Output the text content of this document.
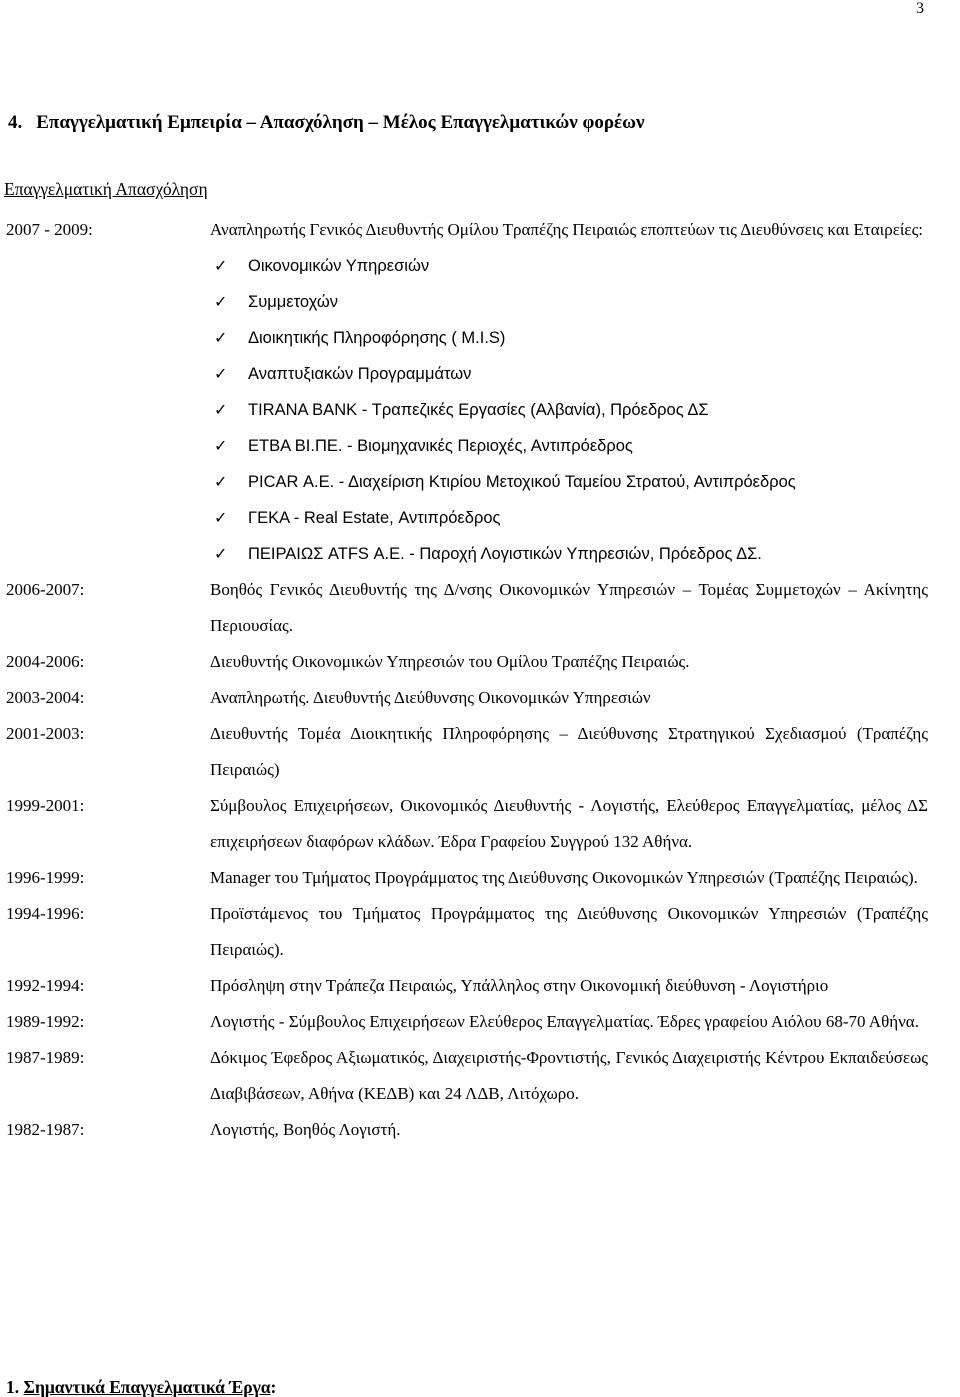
3
4. Επαγγελματική Εμπειρία – Απασχόληση – Μέλος Επαγγελματικών φορέων
Επαγγελματική Απασχόληση
2007 - 2009:	Αναπληρωτής Γενικός Διευθυντής Ομίλου Τραπέζης Πειραιώς εποπτεύων τις Διευθύνσεις και Εταιρείες:
✓	Οικονομικών Υπηρεσιών
✓	Συμμετοχών
✓	Διοικητικής Πληροφόρησης ( M.I.S)
✓	Αναπτυξιακών Προγραμμάτων
✓	TIRANA BANK - Τραπεζικές Εργασίες (Αλβανία), Πρόεδρος ΔΣ
✓	ΕΤΒΑ ΒΙ.ΠΕ. - Βιομηχανικές Περιοχές, Αντιπρόεδρος
✓	PICAR Α.Ε. - Διαχείριση Κτιρίου Μετοχικού Ταμείου Στρατού, Αντιπρόεδρος
✓	ΓΕΚΑ - Real Estate, Αντιπρόεδρος
✓	ΠΕΙΡΑΙΩΣ ATFS Α.Ε. - Παροχή Λογιστικών Υπηρεσιών, Πρόεδρος ΔΣ.
2006-2007:	Βοηθός Γενικός Διευθυντής της Δ/νσης Οικονομικών Υπηρεσιών – Τομέας Συμμετοχών – Ακίνητης Περιουσίας.
2004-2006:	Διευθυντής Οικονομικών Υπηρεσιών του Ομίλου Τραπέζης Πειραιώς.
2003-2004:	Αναπληρωτής. Διευθυντής Διεύθυνσης Οικονομικών Υπηρεσιών
2001-2003:	Διευθυντής Τομέα Διοικητικής Πληροφόρησης – Διεύθυνσης Στρατηγικού Σχεδιασμού (Τραπέζης Πειραιώς)
1999-2001:	Σύμβουλος Επιχειρήσεων, Οικονομικός Διευθυντής - Λογιστής, Ελεύθερος Επαγγελματίας, μέλος ΔΣ επιχειρήσεων διαφόρων κλάδων. Έδρα Γραφείου Συγγρού 132 Αθήνα.
1996-1999:	Manager του Τμήματος Προγράμματος της Διεύθυνσης Οικονομικών Υπηρεσιών (Τραπέζης Πειραιώς).
1994-1996:	Προϊστάμενος του Τμήματος Προγράμματος της Διεύθυνσης Οικονομικών Υπηρεσιών (Τραπέζης Πειραιώς).
1992-1994:	Πρόσληψη στην Τράπεζα Πειραιώς, Υπάλληλος στην Οικονομική διεύθυνση - Λογιστήριο
1989-1992:	Λογιστής - Σύμβουλος Επιχειρήσεων Ελεύθερος Επαγγελματίας. Έδρες γραφείου Αιόλου 68-70 Αθήνα.
1987-1989:	Δόκιμος Έφεδρος Αξιωματικός, Διαχειριστής-Φροντιστής, Γενικός Διαχειριστής Κέντρου Εκπαιδεύσεως Διαβιβάσεων, Αθήνα (ΚΕΔΒ) και 24 ΛΔΒ, Λιτόχωρο.
1982-1987:	Λογιστής, Βοηθός Λογιστή.
1. Σημαντικά Επαγγελματικά Έργα:
